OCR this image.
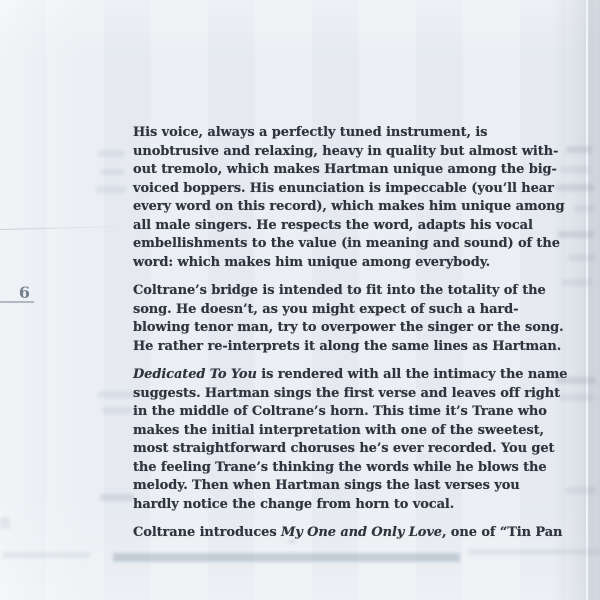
6
His voice, always a perfectly tuned instrument, is
unobtrusive and relaxing, heavy in quality but almost with-
out tremolo, which makes Hartman unique among the big-
voiced boppers. His enunciation is impeccable (you’ll hear
every word on this record), which makes him unique among
all male singers. He respects the word, adapts his vocal
embellishments to the value (in meaning and sound) of the
word: which makes him unique among everybody.
Coltrane’s bridge is intended to fit into the totality of the
song. He doesn’t, as you might expect of such a hard-
blowing tenor man, try to overpower the singer or the song.
He rather re-interprets it along the same lines as Hartman.
Dedicated To You is rendered with all the intimacy the name
suggests. Hartman sings the first verse and leaves off right
in the middle of Coltrane’s horn. This time it’s Trane who
makes the initial interpretation with one of the sweetest,
most straightforward choruses he’s ever recorded. You get
the feeling Trane’s thinking the words while he blows the
melody. Then when Hartman sings the last verses you
hardly notice the change from horn to vocal.
Coltrane introduces My One and Only Love, one of “Tin Pan
